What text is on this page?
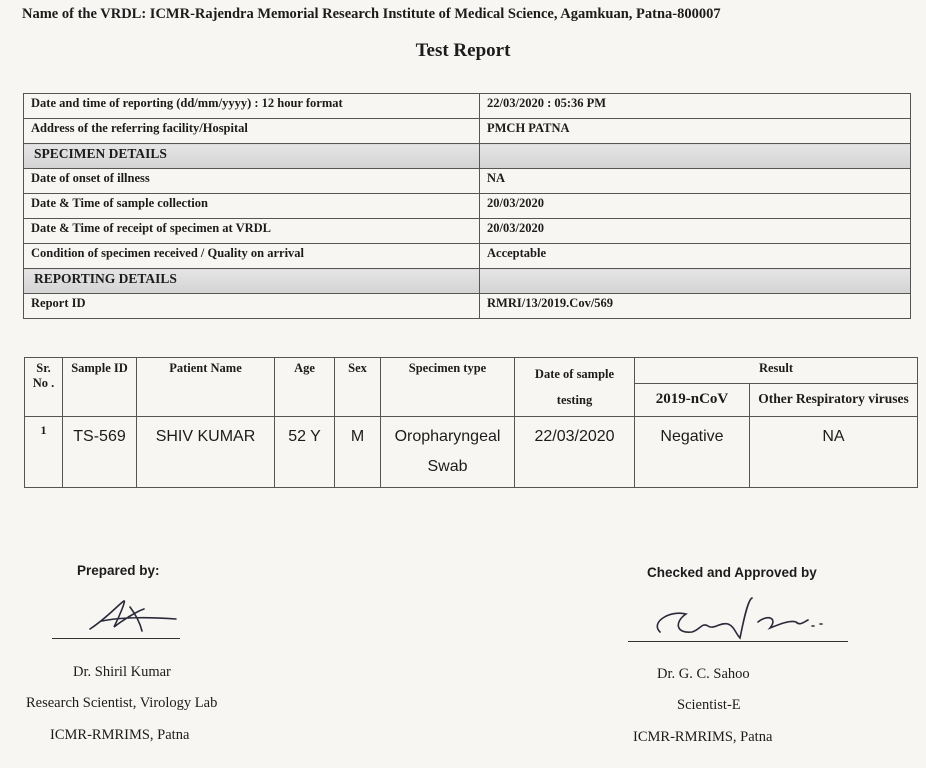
Name of the VRDL: ICMR-Rajendra Memorial Research Institute of Medical Science, Agamkuan, Patna-800007
Test Report
Date and time of reporting (dd/mm/yyyy) : 12 hour format	22/03/2020 : 05:36 PM
Address of the referring facility/Hospital	PMCH PATNA
SPECIMEN DETAILS	
Date of onset of illness	NA
Date & Time of sample collection	20/03/2020
Date & Time of receipt of specimen at VRDL	20/03/2020
Condition of specimen received / Quality on arrival	Acceptable
REPORTING DETAILS	
Report ID	RMRI/13/2019.Cov/569
Sr. No .	Sample ID	Patient Name	Age	Sex	Specimen type	Date of sample testing	Result	
							2019-nCoV	Other Respiratory viruses
1	TS-569	SHIV KUMAR	52 Y	M	Oropharyngeal Swab	22/03/2020	Negative	NA
Prepared by:
Dr. Shiril Kumar
Research Scientist, Virology Lab
ICMR-RMRIMS, Patna
Checked and Approved by
Dr. G. C. Sahoo
Scientist-E
ICMR-RMRIMS, Patna
